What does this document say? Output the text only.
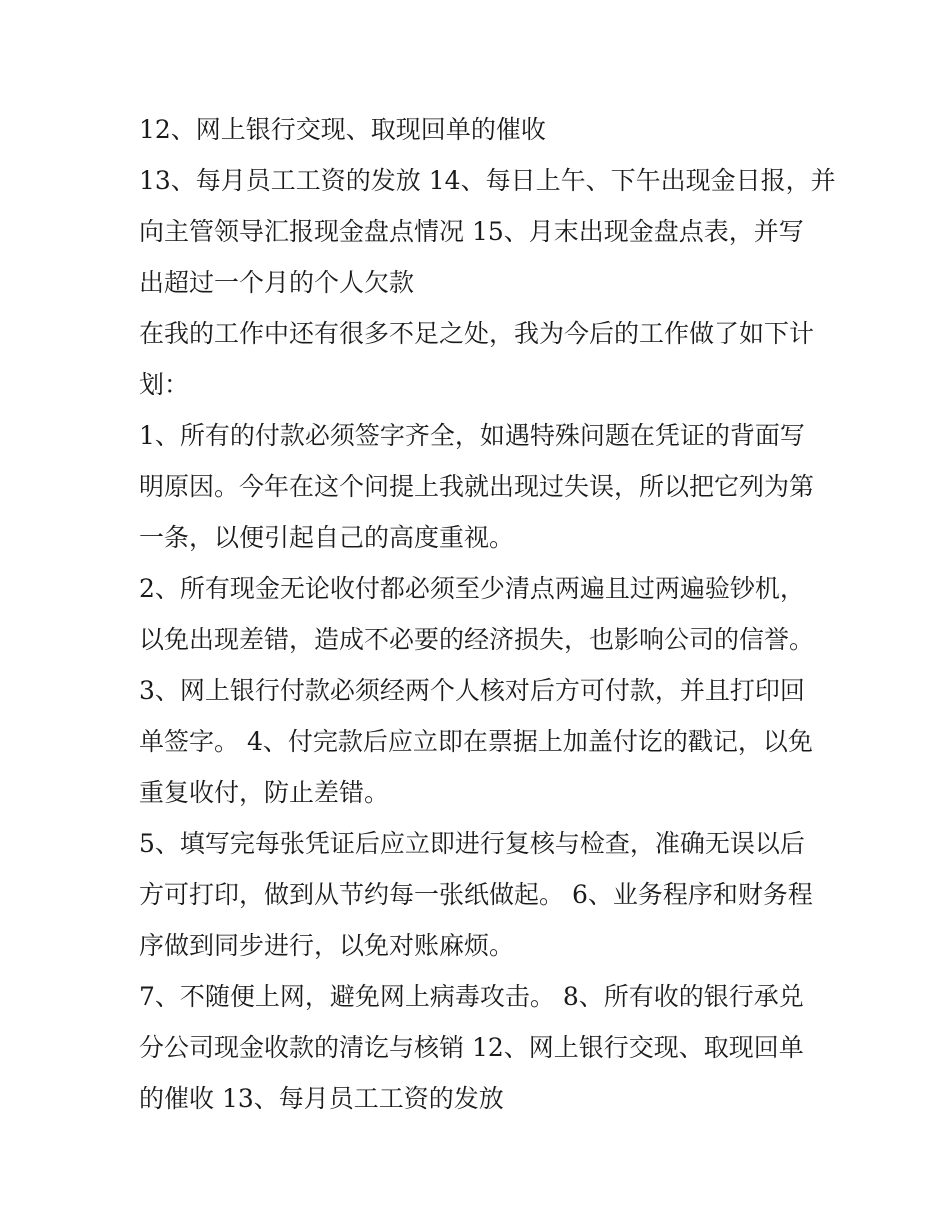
12、网上银行交现、取现回单的催收
13、每月员工工资的发放 14、每日上午、下午出现金日报，并
向主管领导汇报现金盘点情况 15、月末出现金盘点表，并写
出超过一个月的个人欠款
在我的工作中还有很多不足之处，我为今后的工作做了如下计
划：
1、所有的付款必须签字齐全，如遇特殊问题在凭证的背面写
明原因。今年在这个问提上我就出现过失误，所以把它列为第
一条，以便引起自己的高度重视。
2、所有现金无论收付都必须至少清点两遍且过两遍验钞机，
以免出现差错，造成不必要的经济损失，也影响公司的信誉。
3、网上银行付款必须经两个人核对后方可付款，并且打印回
单签字。 4、付完款后应立即在票据上加盖付讫的戳记，以免
重复收付，防止差错。
5、填写完每张凭证后应立即进行复核与检查，准确无误以后
方可打印，做到从节约每一张纸做起。 6、业务程序和财务程
序做到同步进行，以免对账麻烦。
7、不随便上网，避免网上病毒攻击。 8、所有收的银行承兑
分公司现金收款的清讫与核销 12、网上银行交现、取现回单
的催收 13、每月员工工资的发放
